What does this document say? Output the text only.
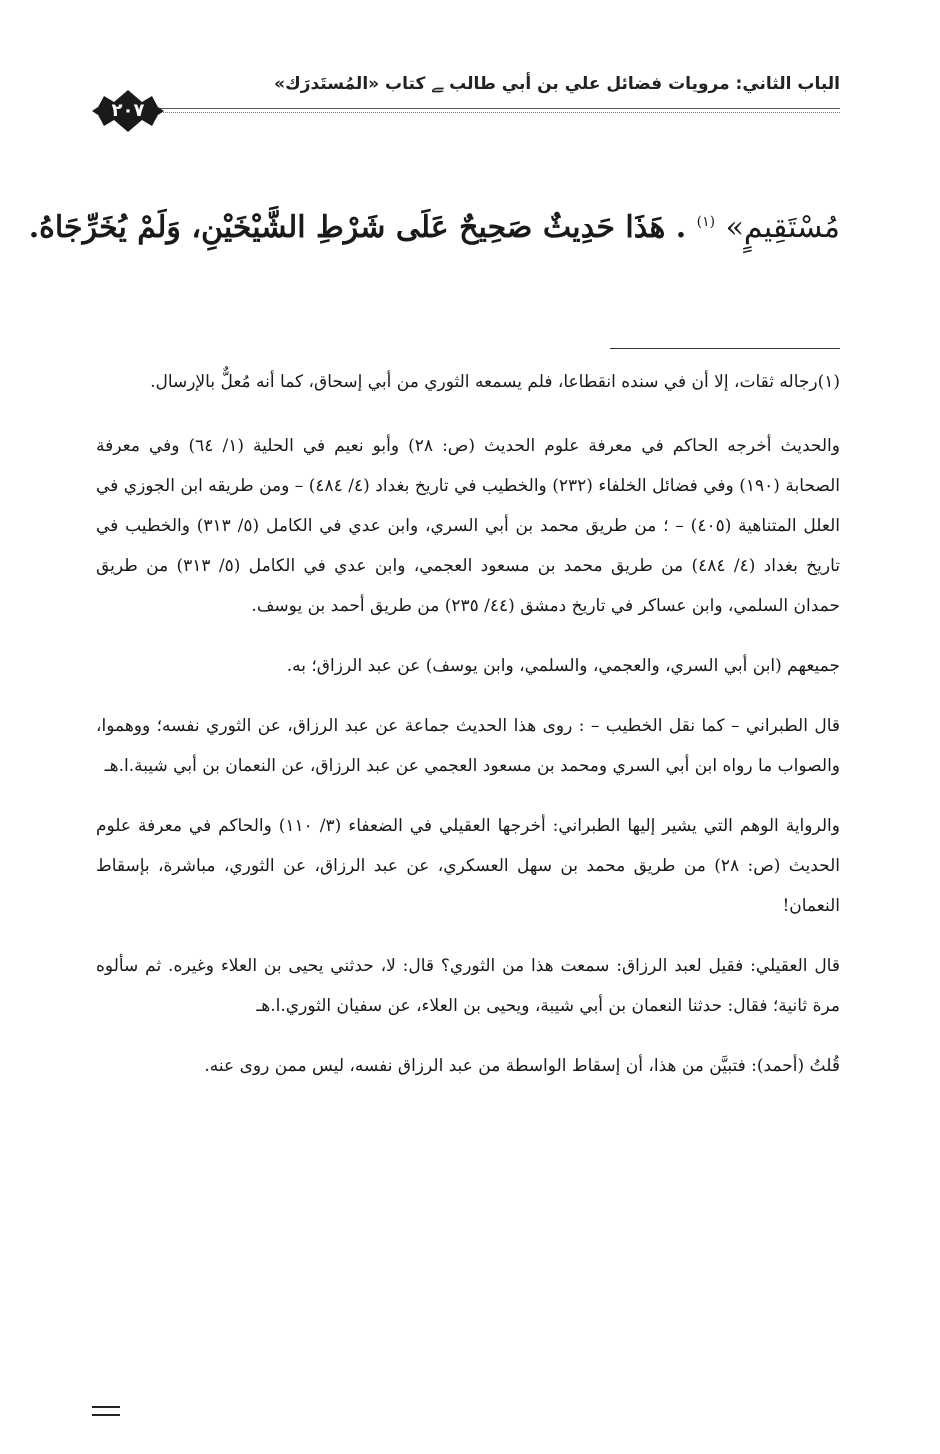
الباب الثاني: مرويات فضائل علي بن أبي طالب ﮯ كتاب «المُستَدرَك»
٢٠٧
مُسْتَقِيمٍ» $^{(١)}$ . هَذَا حَدِيثٌ صَحِيحٌ عَلَى شَرْطِ الشَّيْخَيْنِ، وَلَمْ يُخَرِّجَاهُ.

(١)رجاله ثقات، إلا أن في سنده انقطاعا، فلم يسمعه الثوري من أبي إسحاق، كما أنه مُعلٌّ بالإرسال.

والحديث أخرجه الحاكم في معرفة علوم الحديث (ص: ٢٨) وأبو نعيم في الحلية (١/ ٦٤) وفي معرفة الصحابة (١٩٠) وفي فضائل الخلفاء (٢٣٢) والخطيب في تاريخ بغداد (٤/ ٤٨٤) – ومن طريقه ابن الجوزي في العلل المتناهية (٤٠٥) – ؛ من طريق محمد بن أبي السري، وابن عدي في الكامل (٥/ ٣١٣) والخطيب في تاريخ بغداد (٤/ ٤٨٤) من طريق محمد بن مسعود العجمي، وابن عدي في الكامل (٥/ ٣١٣) من طريق حمدان السلمي، وابن عساكر في تاريخ دمشق (٤٤/ ٢٣٥) من طريق أحمد بن يوسف.

جميعهم (ابن أبي السري، والعجمي، والسلمي، وابن يوسف) عن عبد الرزاق؛ به.

قال الطبراني – كما نقل الخطيب – : روى هذا الحديث جماعة عن عبد الرزاق، عن الثوري نفسه؛ ووهموا، والصواب ما رواه ابن أبي السري ومحمد بن مسعود العجمي عن عبد الرزاق، عن النعمان بن أبي شيبة.ا.هـ

والرواية الوهم التي يشير إليها الطبراني: أخرجها العقيلي في الضعفاء (٣/ ١١٠) والحاكم في معرفة علوم الحديث (ص: ٢٨) من طريق محمد بن سهل العسكري، عن عبد الرزاق، عن الثوري، مباشرة، بإسقاط النعمان!

قال العقيلي: فقيل لعبد الرزاق: سمعت هذا من الثوري؟ قال: لا، حدثني يحيى بن العلاء وغيره. ثم سألوه مرة ثانية؛ فقال: حدثنا النعمان بن أبي شيبة، ويحيى بن العلاء، عن سفيان الثوري.ا.هـ

قُلتُ (أحمد): فتبيَّن من هذا، أن إسقاط الواسطة من عبد الرزاق نفسه، ليس ممن روى عنه.
